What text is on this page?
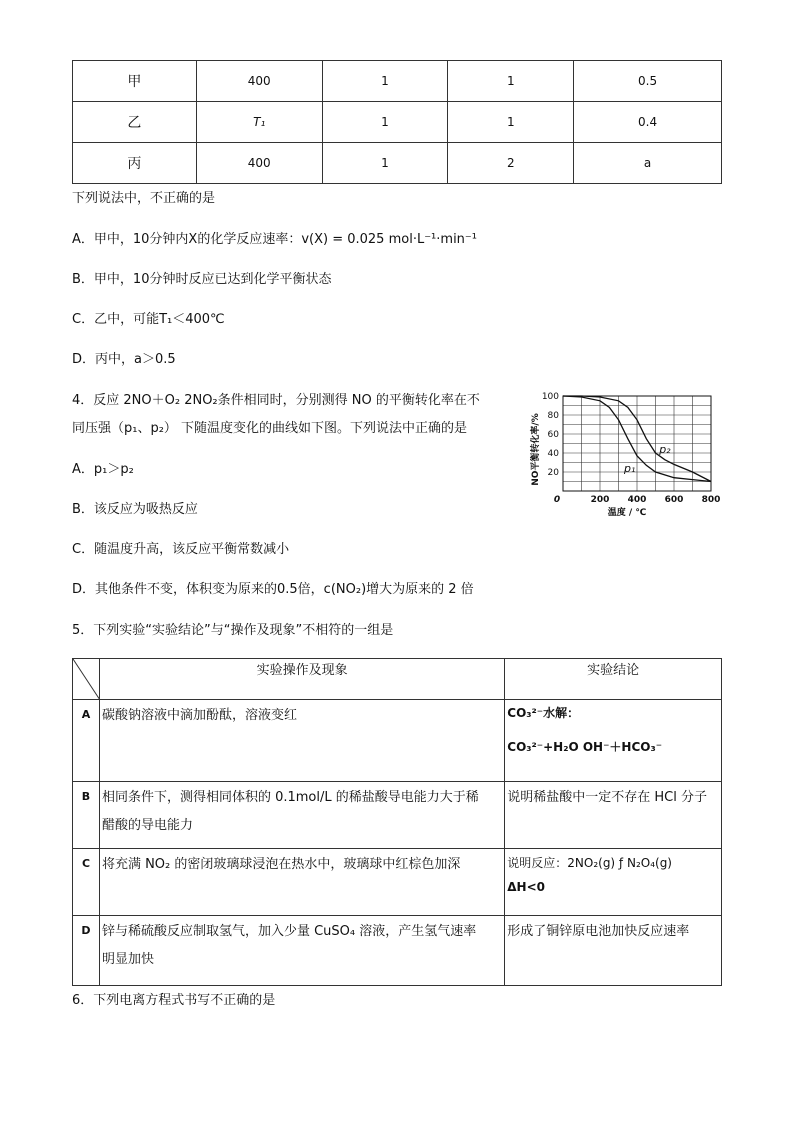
甲	400	1	1	0.5
乙	T₁	1	1	0.4
丙	400	1	2	a
下列说法中，不正确的是
A．甲中，10分钟内X的化学反应速率：v(X) = 0.025 mol·L⁻¹·min⁻¹
B．甲中，10分钟时反应已达到化学平衡状态
C．乙中，可能T₁＜400℃
D．丙中，a＞0.5
4．反应 2NO＋O₂ 2NO₂条件相同时，分别测得 NO 的平衡转化率在不
同压强（p₁、p₂） 下随温度变化的曲线如下图。下列说法中正确的是
A．p₁＞p₂
B．该反应为吸热反应
C．随温度升高，该反应平衡常数减小
D．其他条件不变，体积变为原来的0.5倍，c(NO₂)增大为原来的 2 倍
20
40
60
80
100
0	200 400 600 800
温度 / ℃
NO平衡转化率/%	p₁
p₂
5．下列实验“实验结论”与“操作及现象”不相符的一组是
	实验操作及现象	实验结论
A	碳酸钠溶液中滴加酚酞，溶液变红	CO₃²⁻水解：
CO₃²⁻+H₂O OH⁻＋HCO₃⁻

B	相同条件下，测得相同体积的 0.1mol/L 的稀盐酸导电能力大于稀
醋酸的导电能力	说明稀盐酸中一定不存在 HCl 分子

C	将充满 NO₂ 的密闭玻璃球浸泡在热水中，玻璃球中红棕色加深	说明反应：2NO₂(g) ƒ N₂O₄(g)
ΔH<0

D	锌与稀硫酸反应制取氢气，加入少量 CuSO₄ 溶液，产生氢气速率
明显加快	形成了铜锌原电池加快反应速率
6．下列电离方程式书写不正确的是
